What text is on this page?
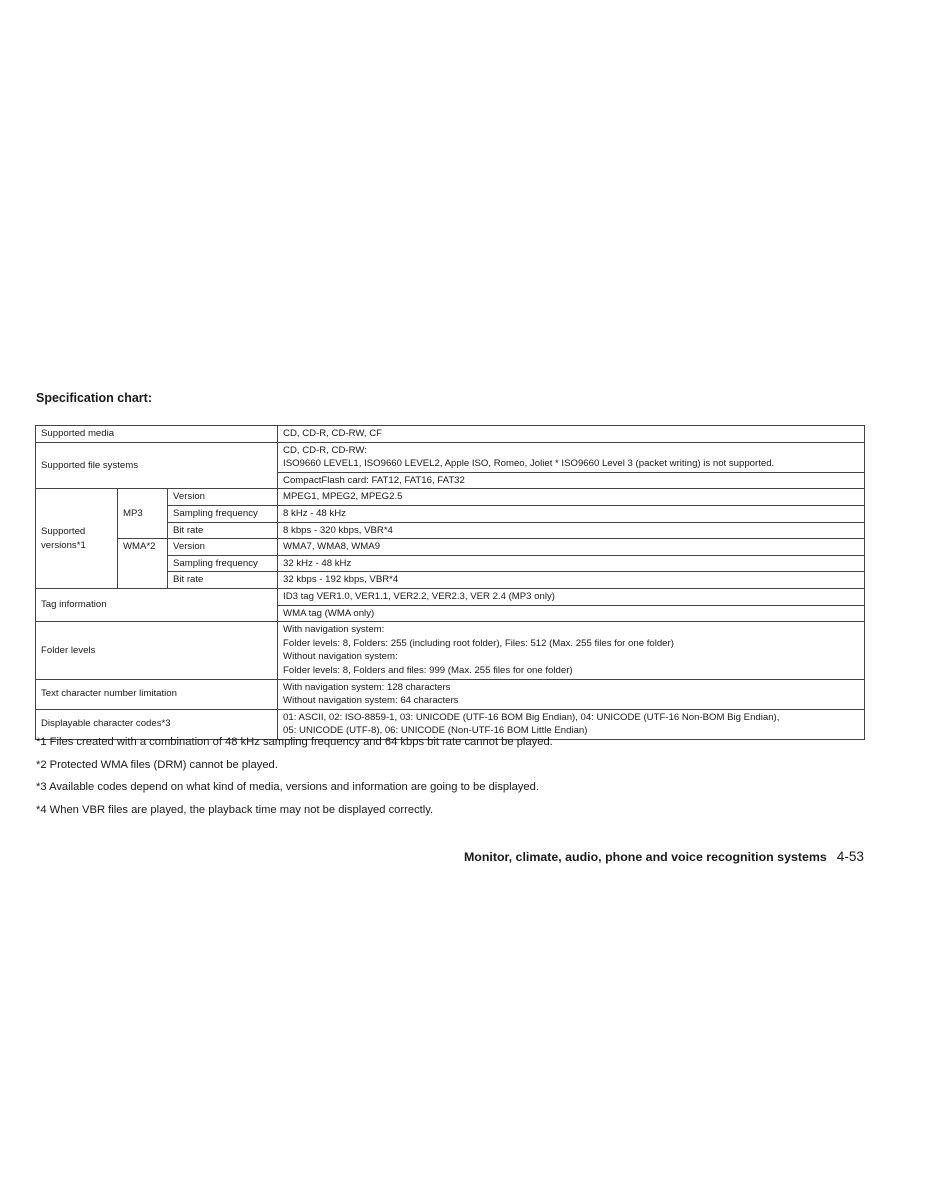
Specification chart:
Supported media			CD, CD-R, CD-RW, CF
Supported file systems			CD, CD-R, CD-RW:
ISO9660 LEVEL1, ISO9660 LEVEL2, Apple ISO, Romeo, Joliet * ISO9660 Level 3 (packet writing) is not supported.

			CompactFlash card: FAT12, FAT16, FAT32

Supported
versions*1	MP3	Version	MPEG1, MPEG2, MPEG2.5
		Sampling frequency	8 kHz - 48 kHz
		Bit rate	8 kbps - 320 kbps, VBR*4
	WMA*2	Version	WMA7, WMA8, WMA9
		Sampling frequency	32 kHz - 48 kHz
		Bit rate	32 kbps - 192 kbps, VBR*4
Tag information			ID3 tag VER1.0, VER1.1, VER2.2, VER2.3, VER 2.4 (MP3 only)
			WMA tag (WMA only)
Folder levels			With navigation system:
Folder levels: 8, Folders: 255 (including root folder), Files: 512 (Max. 255 files for one folder)
Without navigation system:
Folder levels: 8, Folders and files: 999 (Max. 255 files for one folder)

Text character number limitation			With navigation system: 128 characters
Without navigation system: 64 characters

Displayable character codes*3			01: ASCII, 02: ISO-8859-1, 03: UNICODE (UTF-16 BOM Big Endian), 04: UNICODE (UTF-16 Non-BOM Big Endian),
05: UNICODE (UTF-8), 06: UNICODE (Non-UTF-16 BOM Little Endian)
*1 Files created with a combination of 48 kHz sampling frequency and 64 kbps bit rate cannot be played.
*2 Protected WMA files (DRM) cannot be played.
*3 Available codes depend on what kind of media, versions and information are going to be displayed.
*4 When VBR files are played, the playback time may not be displayed correctly.
Monitor, climate, audio, phone and voice recognition systems 4-53
